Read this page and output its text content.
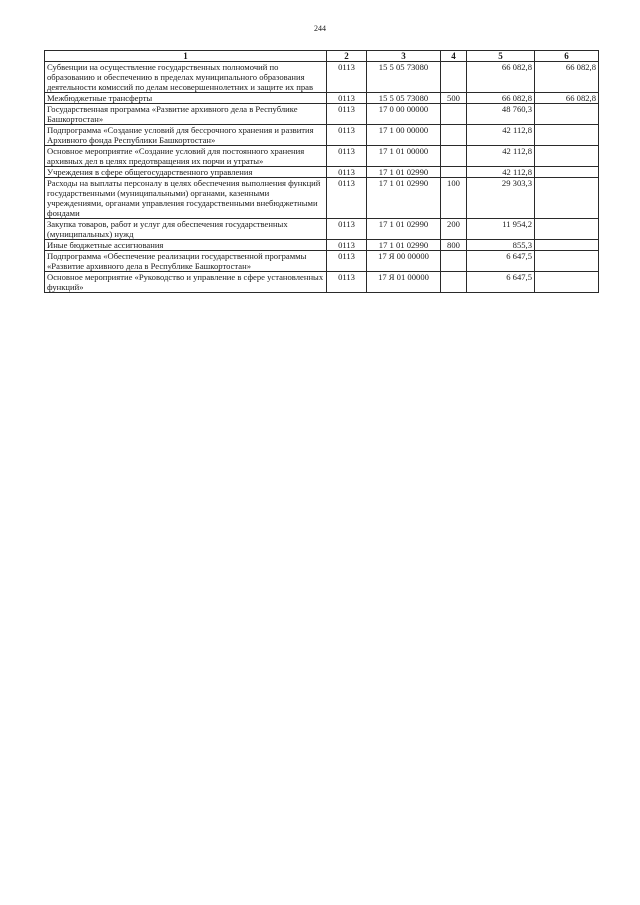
244
1	2	3	4	5	6
Субвенции на осуществление государственных полномочий по образованию и обеспечению в пределах муниципального образования деятельности комиссий по делам несовершеннолетних и защите их прав	0113	15 5 05 73080		66 082,8	66 082,8
Межбюджетные трансферты	0113	15 5 05 73080	500	66 082,8	66 082,8
Государственная программа «Развитие архивного дела в Республике Башкортостан»	0113	17 0 00 00000		48 760,3	
Подпрограмма «Создание условий для бессрочного хранения и развития Архивного фонда Республики Башкортостан»	0113	17 1 00 00000		42 112,8	
Основное мероприятие «Создание условий для постоянного хранения архивных дел в целях предотвращения их порчи и утраты»	0113	17 1 01 00000		42 112,8	
Учреждения в сфере общегосударственного управления	0113	17 1 01 02990		42 112,8	
Расходы на выплаты персоналу в целях обеспечения выполнения функций государственными (муниципальными) органами, казенными учреждениями, органами управления государственными внебюджетными фондами	0113	17 1 01 02990	100	29 303,3	
Закупка товаров, работ и услуг для обеспечения государственных (муниципальных) нужд	0113	17 1 01 02990	200	11 954,2	
Иные бюджетные ассигнования	0113	17 1 01 02990	800	855,3	
Подпрограмма «Обеспечение реализации государственной программы «Развитие архивного дела в Республике Башкортостан»	0113	17 Я 00 00000		6 647,5	
Основное мероприятие «Руководство и управление в сфере установленных функций»	0113	17 Я 01 00000		6 647,5	
